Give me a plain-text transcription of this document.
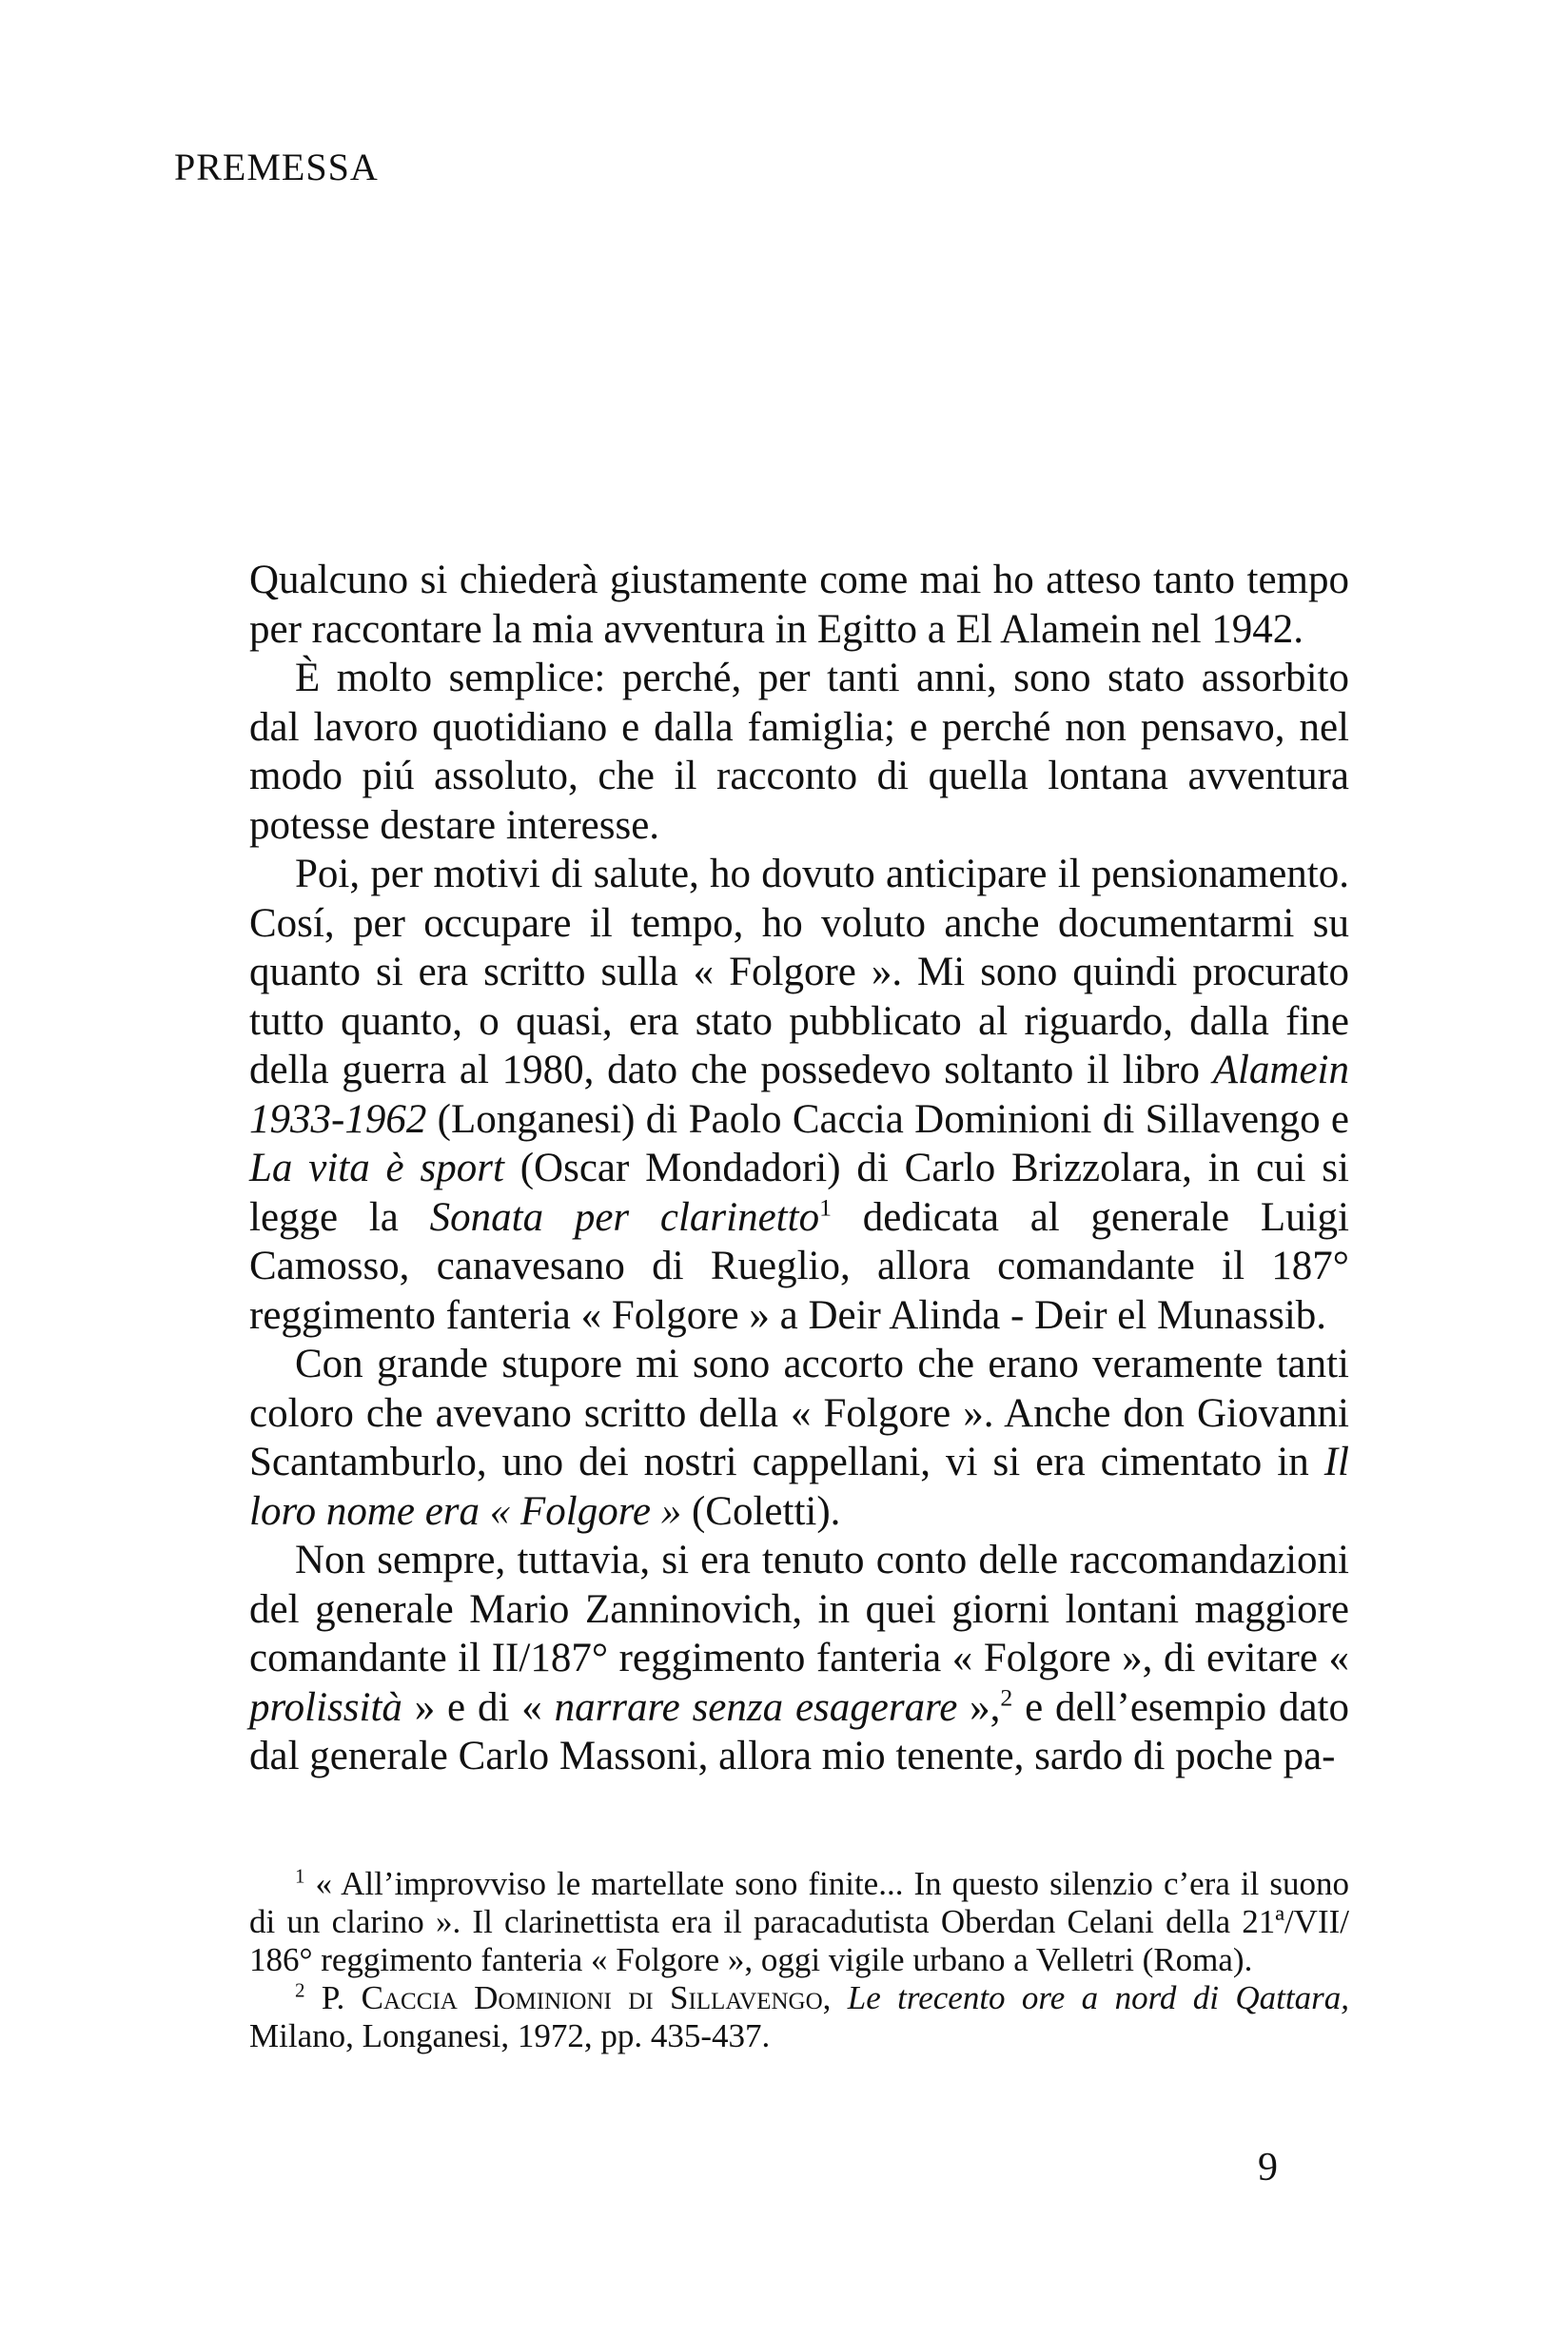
PREMESSA

Qualcuno si chiederà giustamente come mai ho atteso tanto tempo per raccontare la mia avventura in Egitto a El Alamein nel 1942.

È molto semplice: perché, per tanti anni, sono stato assorbito dal lavoro quotidiano e dalla famiglia; e perché non pensavo, nel modo piú assoluto, che il racconto di quella lontana avventura potesse destare interesse.

Poi, per motivi di salute, ho dovuto anticipare il pensionamento. Cosí, per occupare il tempo, ho voluto anche documentarmi su quanto si era scritto sulla « Folgore ». Mi sono quindi procurato tutto quanto, o quasi, era stato pubblicato al riguardo, dalla fine della guerra al 1980, dato che possedevo soltanto il libro Alamein 1933-1962 (Longanesi) di Paolo Caccia Dominioni di Sillavengo e La vita è sport (Oscar Mondadori) di Carlo Brizzolara, in cui si legge la Sonata per clarinetto$^1$ dedicata al generale Luigi Camosso, canavesano di Rueglio, allora comandante il 187° reggimento fanteria « Folgore » a Deir Alinda - Deir el Munassib.

Con grande stupore mi sono accorto che erano veramente tanti coloro che avevano scritto della « Folgore ». Anche don Giovanni Scantamburlo, uno dei nostri cappellani, vi si era cimentato in Il loro nome era « Folgore » (Coletti).

Non sempre, tuttavia, si era tenuto conto delle raccomandazioni del generale Mario Zanninovich, in quei giorni lontani maggiore comandante il II/187° reggimento fanteria « Folgore », di evitare « prolissità » e di « narrare senza esagerare »,$^2$ e dell’esempio dato dal generale Carlo Massoni, allora mio tenente, sardo di poche pa-

$^1$ « All’improvviso le martellate sono finite... In questo silenzio c’era il suono di un clarino ». Il clarinettista era il paracadutista Oberdan Celani della 21ª/VII/ 186° reggimento fanteria « Folgore », oggi vigile urbano a Velletri (Roma).

$^2$ P. Caccia Dominioni di Sillavengo, Le trecento ore a nord di Qattara, Milano, Longanesi, 1972, pp. 435-437.

9
